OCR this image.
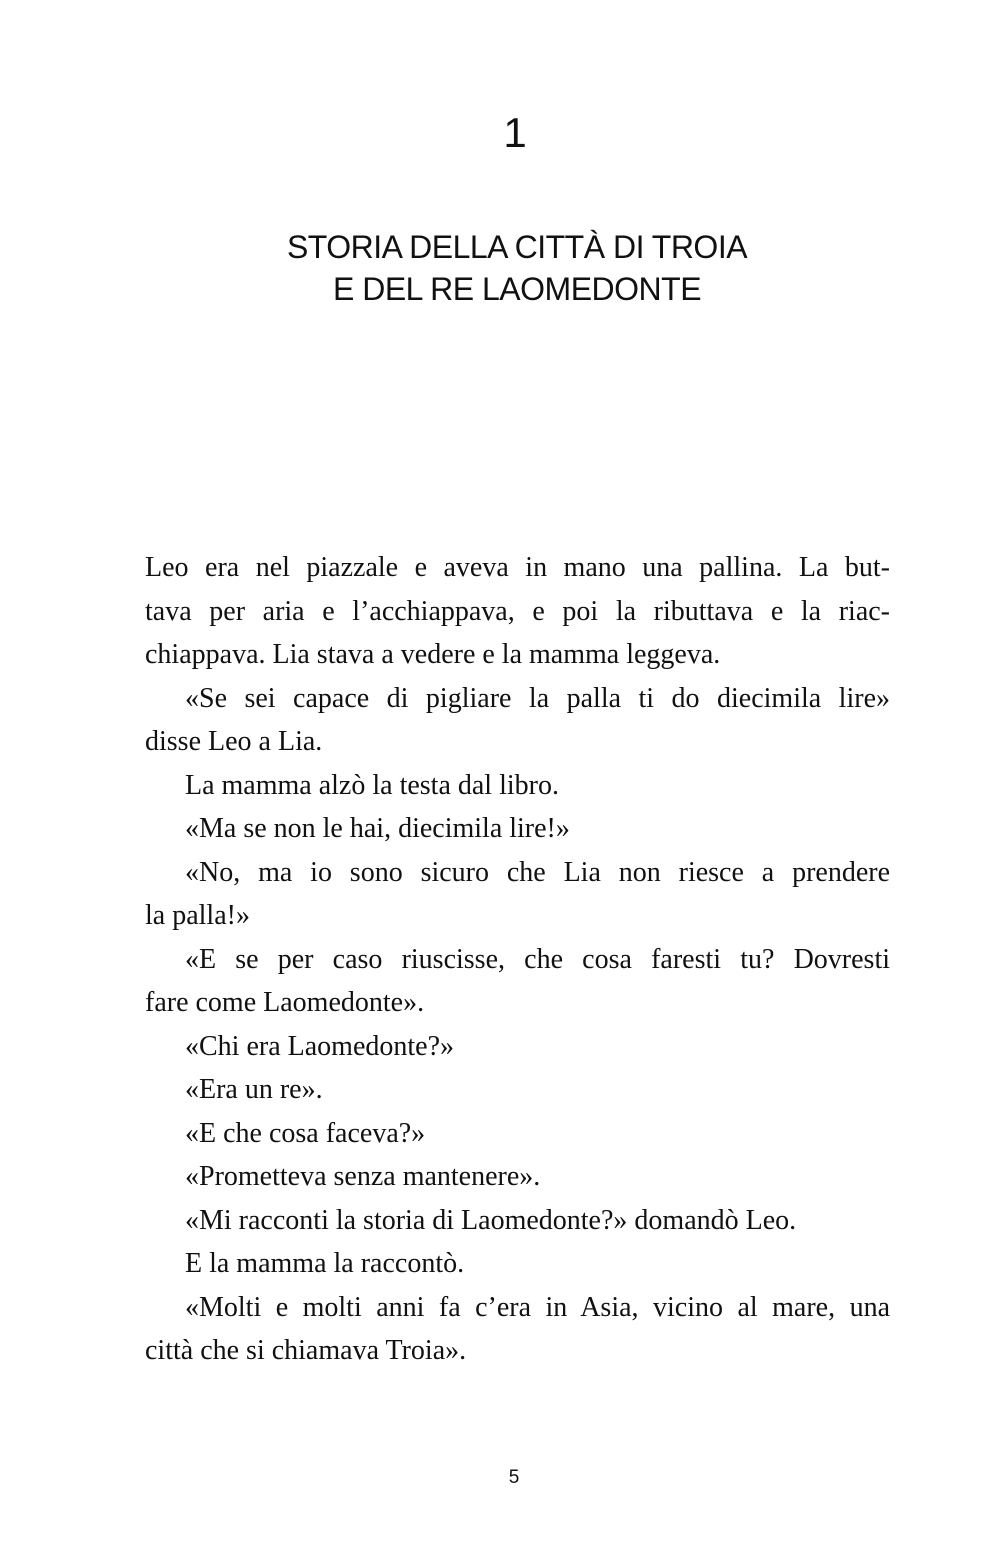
1
STORIA DELLA CITTÀ DI TROIA
E DEL RE LAOMEDONTE
Leo era nel piazzale e aveva in mano una pallina. La but-
tava per aria e l’acchiappava, e poi la ributtava e la riac-
chiappava. Lia stava a vedere e la mamma leggeva.
«Se sei capace di pigliare la palla ti do diecimila lire»
disse Leo a Lia.
La mamma alzò la testa dal libro.
«Ma se non le hai, diecimila lire!»
«No, ma io sono sicuro che Lia non riesce a prendere
la palla!»
«E se per caso riuscisse, che cosa faresti tu? Dovresti
fare come Laomedonte».
«Chi era Laomedonte?»
«Era un re».
«E che cosa faceva?»
«Prometteva senza mantenere».
«Mi racconti la storia di Laomedonte?» domandò Leo.
E la mamma la raccontò.
«Molti e molti anni fa c’era in Asia, vicino al mare, una
città che si chiamava Troia».
5
